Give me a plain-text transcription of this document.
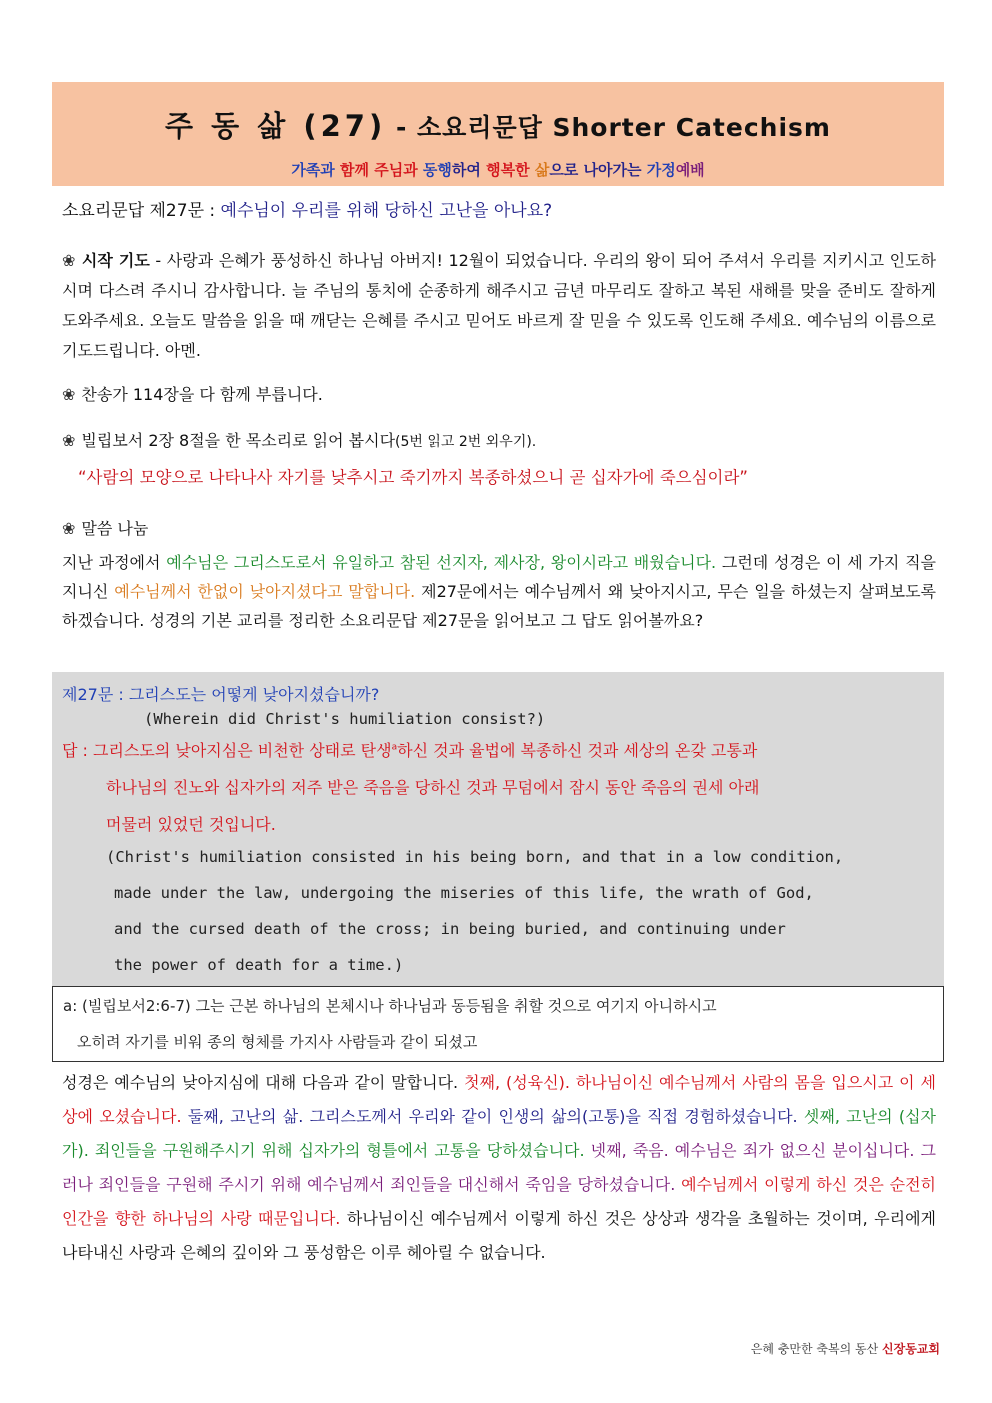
주 동 삶 (27) - 소요리문답 Shorter Catechism
가족과 함께 주님과 동행하여 행복한 삶으로 나아가는 가정예배
소요리문답 제27문 : 예수님이 우리를 위해 당하신 고난을 아나요?
❀ 시작 기도 - 사랑과 은혜가 풍성하신 하나님 아버지! 12월이 되었습니다. 우리의 왕이 되어 주셔서 우리를 지키시고 인도하시며 다스려 주시니 감사합니다. 늘 주님의 통치에 순종하게 해주시고 금년 마무리도 잘하고 복된 새해를 맞을 준비도 잘하게 도와주세요. 오늘도 말씀을 읽을 때 깨닫는 은혜를 주시고 믿어도 바르게 잘 믿을 수 있도록 인도해 주세요. 예수님의 이름으로 기도드립니다. 아멘.
❀ 찬송가 114장을 다 함께 부릅니다.
❀ 빌립보서 2장 8절을 한 목소리로 읽어 봅시다(5번 읽고 2번 외우기).
“사람의 모양으로 나타나사 자기를 낮추시고 죽기까지 복종하셨으니 곧 십자가에 죽으심이라”
❀ 말씀 나눔
지난 과정에서 예수님은 그리스도로서 유일하고 참된 선지자, 제사장, 왕이시라고 배웠습니다. 그런데 성경은 이 세 가지 직을 지니신 예수님께서 한없이 낮아지셨다고 말합니다. 제27문에서는 예수님께서 왜 낮아지시고, 무슨 일을 하셨는지 살펴보도록 하겠습니다. 성경의 기본 교리를 정리한 소요리문답 제27문을 읽어보고 그 답도 읽어볼까요?
제27문 : 그리스도는 어떻게 낮아지셨습니까?
(Wherein did Christ's humiliation consist?)
답 : 그리스도의 낮아지심은 비천한 상태로 탄생$^a$하신 것과 율법에 복종하신 것과 세상의 온갖 고통과
하나님의 진노와 십자가의 저주 받은 죽음을 당하신 것과 무덤에서 잠시 동안 죽음의 권세 아래
머물러 있었던 것입니다.
(Christ's humiliation consisted in his being born, and that in a low condition,
made under the law, undergoing the miseries of this life, the wrath of God,
and the cursed death of the cross; in being buried, and continuing under
the power of death for a time.)
a: (빌립보서2:6-7) 그는 근본 하나님의 본체시나 하나님과 동등됨을 취할 것으로 여기지 아니하시고
오히려 자기를 비워 종의 형체를 가지사 사람들과 같이 되셨고
성경은 예수님의 낮아지심에 대해 다음과 같이 말합니다. 첫째, (성육신). 하나님이신 예수님께서 사람의 몸을 입으시고 이 세상에 오셨습니다. 둘째, 고난의 삶. 그리스도께서 우리와 같이 인생의 삶의(고통)을 직접 경험하셨습니다. 셋째, 고난의 (십자가). 죄인들을 구원해주시기 위해 십자가의 형틀에서 고통을 당하셨습니다. 넷째, 죽음. 예수님은 죄가 없으신 분이십니다. 그러나 죄인들을 구원해 주시기 위해 예수님께서 죄인들을 대신해서 죽임을 당하셨습니다. 예수님께서 이렇게 하신 것은 순전히 인간을 향한 하나님의 사랑 때문입니다. 하나님이신 예수님께서 이렇게 하신 것은 상상과 생각을 초월하는 것이며, 우리에게 나타내신 사랑과 은혜의 깊이와 그 풍성함은 이루 헤아릴 수 없습니다.
은혜 충만한 축복의 동산 신장동교회
